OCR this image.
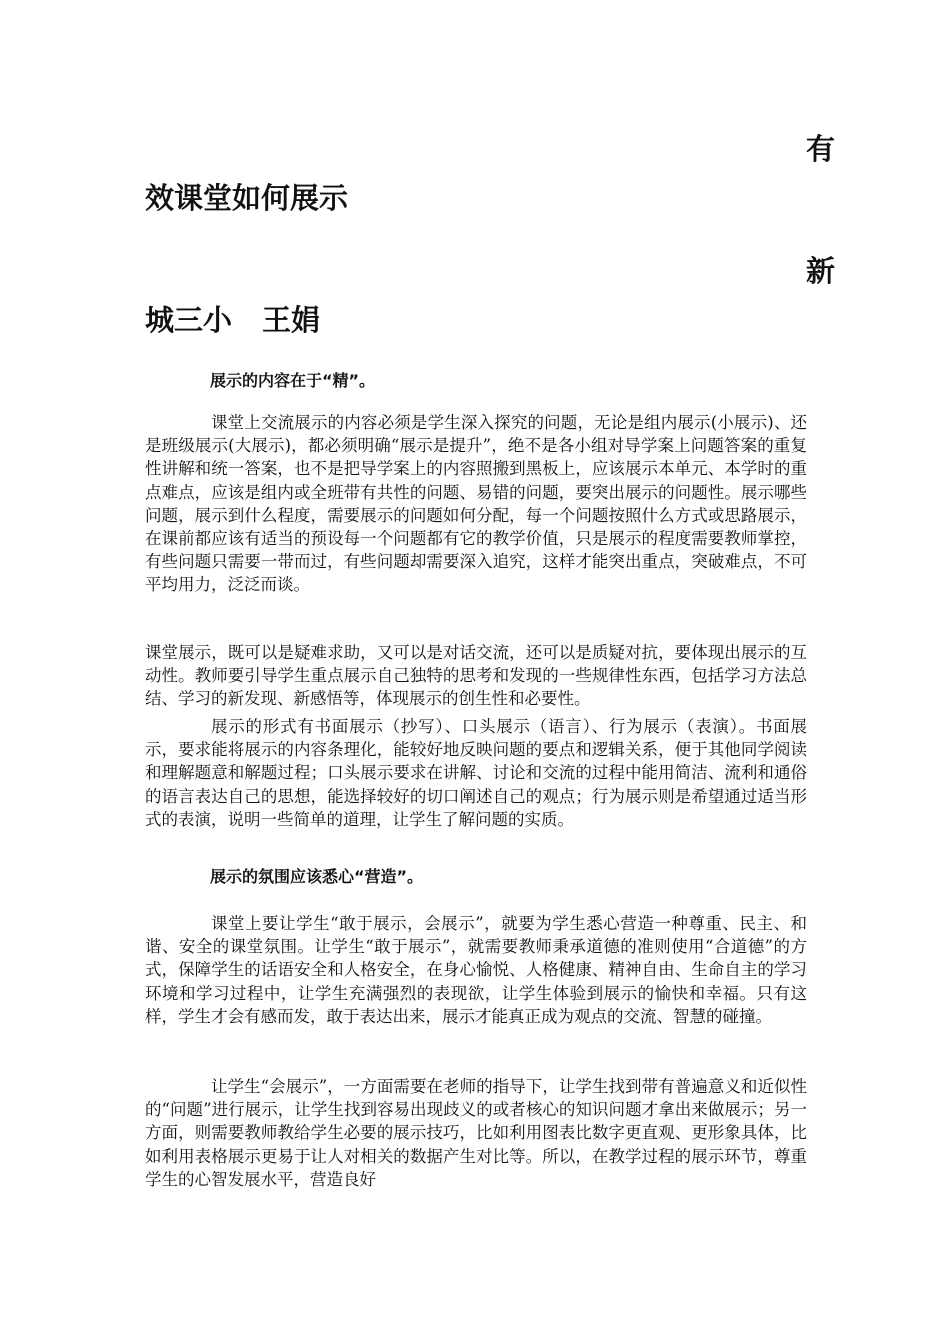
有
效课堂如何展示
新
城三小 王娟
展示的内容在于“精”。

课堂上交流展示的内容必须是学生深入探究的问题，无论是组内展示(小展示)、还是班级展示(大展示)，都必须明确“展示是提升”，绝不是各小组对导学案上问题答案的重复性讲解和统一答案，也不是把导学案上的内容照搬到黑板上，应该展示本单元、本学时的重点难点，应该是组内或全班带有共性的问题、易错的问题，要突出展示的问题性。展示哪些问题，展示到什么程度，需要展示的问题如何分配，每一个问题按照什么方式或思路展示，在课前都应该有适当的预设每一个问题都有它的教学价值，只是展示的程度需要教师掌控，有些问题只需要一带而过，有些问题却需要深入追究，这样才能突出重点，突破难点，不可平均用力，泛泛而谈。

课堂展示，既可以是疑难求助，又可以是对话交流，还可以是质疑对抗，要体现出展示的互动性。教师要引导学生重点展示自己独特的思考和发现的一些规律性东西，包括学习方法总结、学习的新发现、新感悟等，体现展示的创生性和必要性。

展示的形式有书面展示（抄写）、口头展示（语言）、行为展示（表演）。书面展示，要求能将展示的内容条理化，能较好地反映问题的要点和逻辑关系，便于其他同学阅读和理解题意和解题过程；口头展示要求在讲解、讨论和交流的过程中能用简洁、流利和通俗的语言表达自己的思想，能选择较好的切口阐述自己的观点；行为展示则是希望通过适当形式的表演，说明一些简单的道理，让学生了解问题的实质。

展示的氛围应该悉心“营造”。

课堂上要让学生“敢于展示，会展示”，就要为学生悉心营造一种尊重、民主、和谐、安全的课堂氛围。让学生“敢于展示”，就需要教师秉承道德的准则使用“合道德”的方式，保障学生的话语安全和人格安全，在身心愉悦、人格健康、精神自由、生命自主的学习环境和学习过程中，让学生充满强烈的表现欲，让学生体验到展示的愉快和幸福。只有这样，学生才会有感而发，敢于表达出来，展示才能真正成为观点的交流、智慧的碰撞。

让学生“会展示”，一方面需要在老师的指导下，让学生找到带有普遍意义和近似性的“问题”进行展示，让学生找到容易出现歧义的或者核心的知识问题才拿出来做展示；另一方面，则需要教师教给学生必要的展示技巧，比如利用图表比数字更直观、更形象具体，比如利用表格展示更易于让人对相关的数据产生对比等。所以，在教学过程的展示环节，尊重学生的心智发展水平，营造良好
